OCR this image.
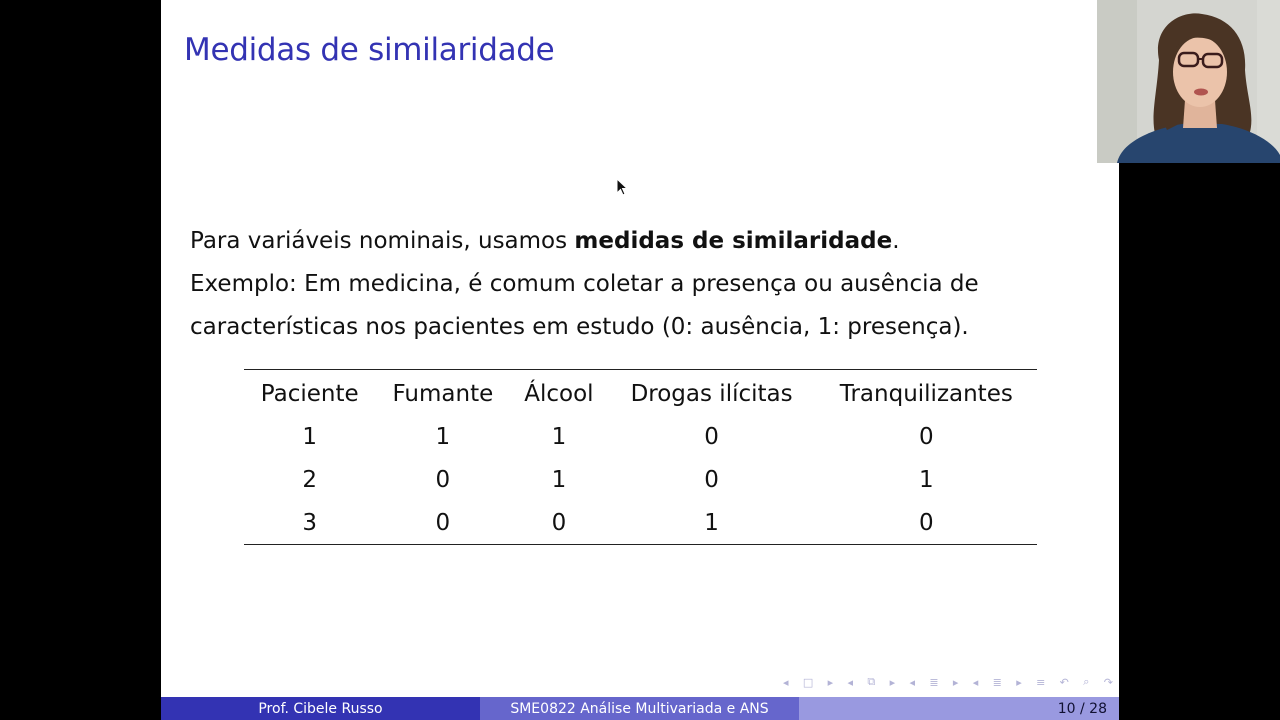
Medidas de similaridade

Para variáveis nominais, usamos medidas de similaridade.

Exemplo: Em medicina, é comum coletar a presença ou ausência de

características nos pacientes em estudo (0: ausência, 1: presença).

Paciente	Fumante	Álcool	Drogas ilícitas	Tranquilizantes
1	1	1	0	0
2	0	1	0	1
3	0	0	1	0
◂ □ ▸ ◂ ⧉ ▸ ◂ ≣ ▸ ◂ ≣ ▸ ≡ ↶ ⌕ ↷
Prof. Cibele Russo	SME0822 Análise Multivariada e ANS	10 / 28
